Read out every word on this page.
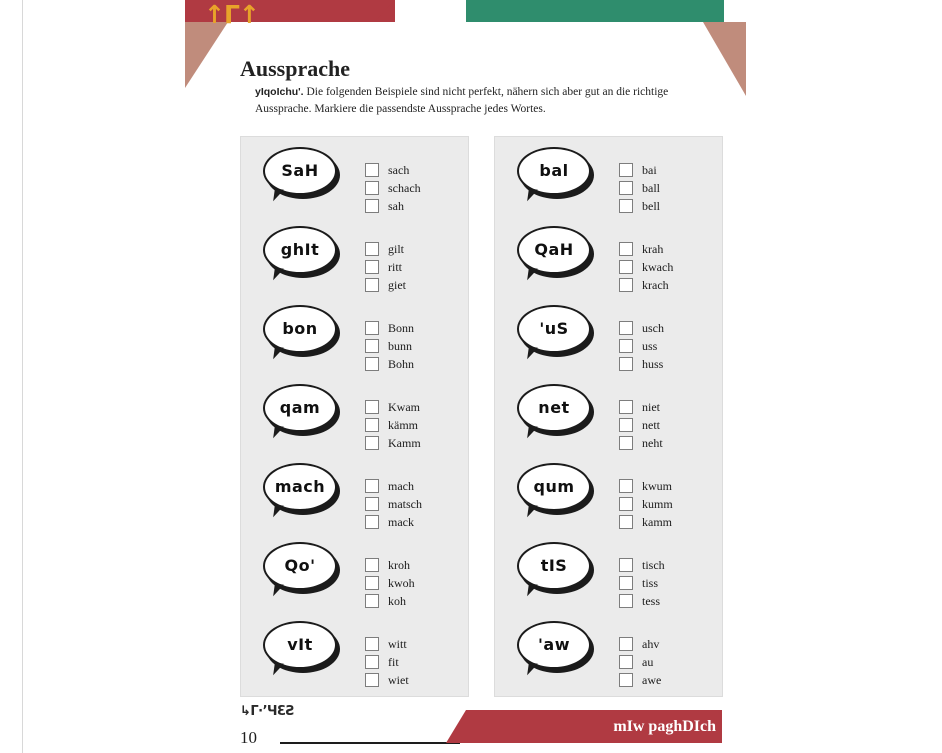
↑Γ↑
Aussprache
yIqoIchu'. Die folgenden Beispiele sind nicht perfekt, nähern sich aber gut an die richtige Aussprache. Markiere die passendste Aussprache jedes Wortes.
SaH	sach
schach
sah
ghIt	gilt
ritt
giet
bon	Bonn
bunn
Bohn
qam	Kwam
kämm
Kamm
mach	mach
matsch
mack
Qo'	kroh
kwoh
koh
vIt	witt
fit
wiet
bal	bai
ball
bell
QaH	krah
kwach
krach
'uS	usch
uss
huss
net	niet
nett
neht
qum	kwum
kumm
kamm
tIS	tisch
tiss
tess
'aw	ahv
au
awe
↳Γ·’ЧƐƧ
10
mIw paghDIch
